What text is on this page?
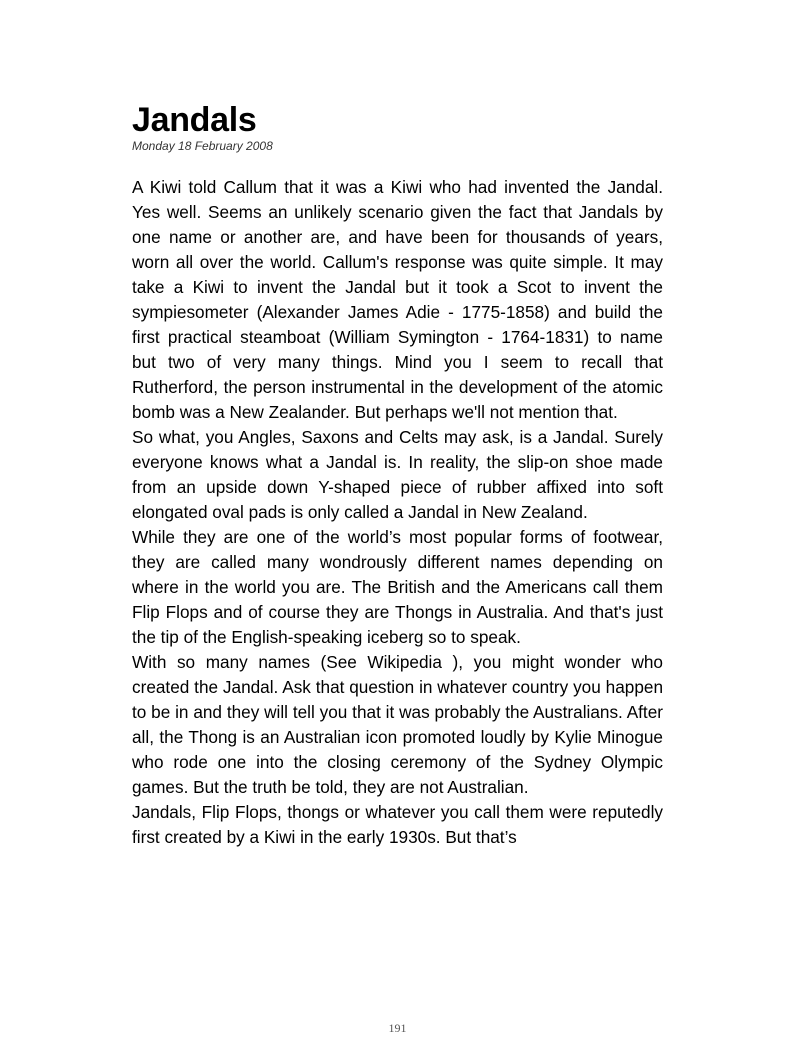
Jandals
Monday 18 February 2008

A Kiwi told Callum that it was a Kiwi who had invented the Jandal. Yes well. Seems an unlikely scenario given the fact that Jandals by one name or another are, and have been for thousands of years, worn all over the world. Callum's response was quite simple. It may take a Kiwi to invent the Jandal but it took a Scot to invent the sympiesometer (Alexander James Adie - 1775-1858) and build the first practical steamboat (William Symington - 1764-1831) to name but two of very many things. Mind you I seem to recall that Rutherford, the person instrumental in the development of the atomic bomb was a New Zealander. But perhaps we'll not mention that.

So what, you Angles, Saxons and Celts may ask, is a Jandal. Surely everyone knows what a Jandal is. In reality, the slip-on shoe made from an upside down Y-shaped piece of rubber affixed into soft elongated oval pads is only called a Jandal in New Zealand.

While they are one of the world’s most popular forms of footwear, they are called many wondrously different names depending on where in the world you are. The British and the Americans call them Flip Flops and of course they are Thongs in Australia. And that's just the tip of the English-speaking iceberg so to speak.

With so many names (See Wikipedia ), you might wonder who created the Jandal. Ask that question in whatever country you happen to be in and they will tell you that it was probably the Australians. After all, the Thong is an Australian icon promoted loudly by Kylie Minogue who rode one into the closing ceremony of the Sydney Olympic games. But the truth be told, they are not Australian.

Jandals, Flip Flops, thongs or whatever you call them were reputedly first created by a Kiwi in the early 1930s. But that’s

191
